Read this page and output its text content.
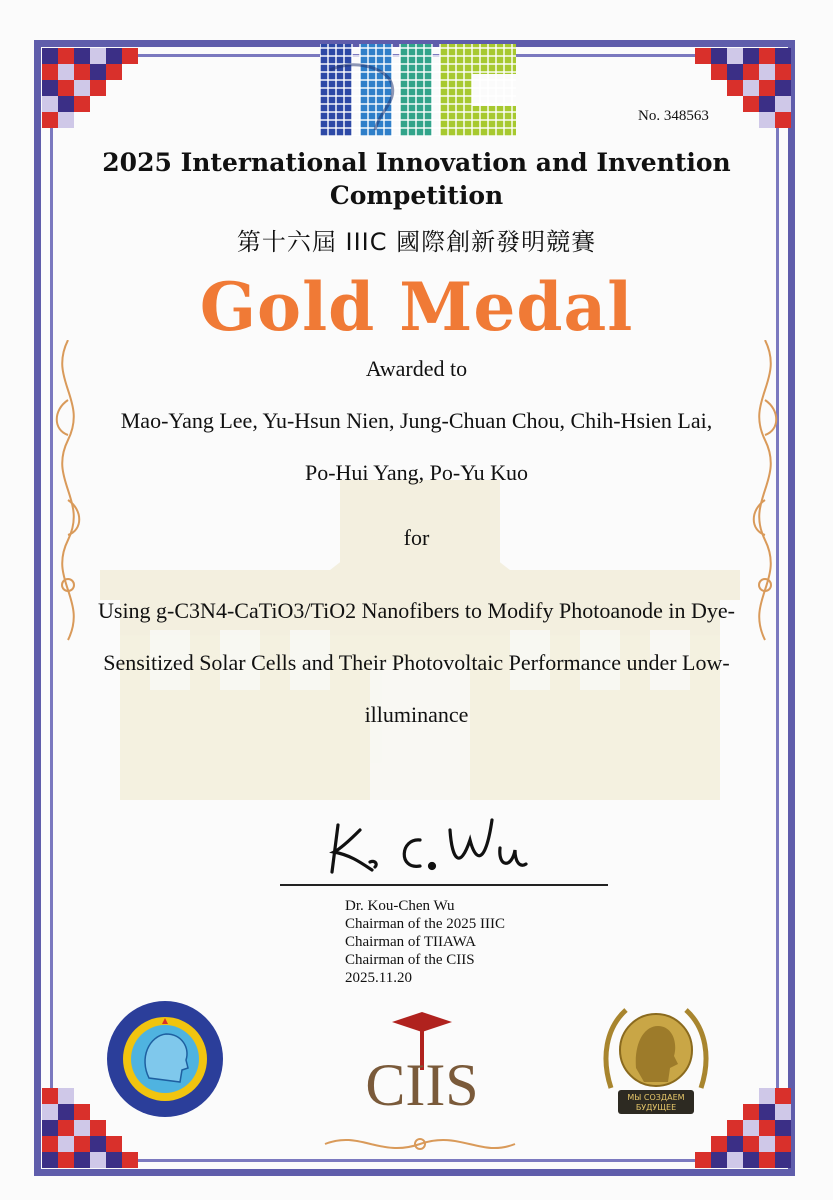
IIIC
No. 348563
2025 International Innovation and Invention Competition
第十六屆 IIIC 國際創新發明競賽
Gold Medal
Awarded to
Mao-Yang Lee, Yu-Hsun Nien, Jung-Chuan Chou, Chih-Hsien Lai,
Po-Hui Yang, Po-Yu Kuo
for
Using g-C3N4-CaTiO3/TiO2 Nanofibers to Modify Photoanode in Dye-
Sensitized Solar Cells and Their Photovoltaic Performance under Low-
illuminance
Dr. Kou-Chen Wu
Chairman of the 2025 IIIC
Chairman of TIIAWA
Chairman of the CIIS
2025.11.20
CIIS	МЫ СОЗДАЕМ
БУДУЩЕЕ
